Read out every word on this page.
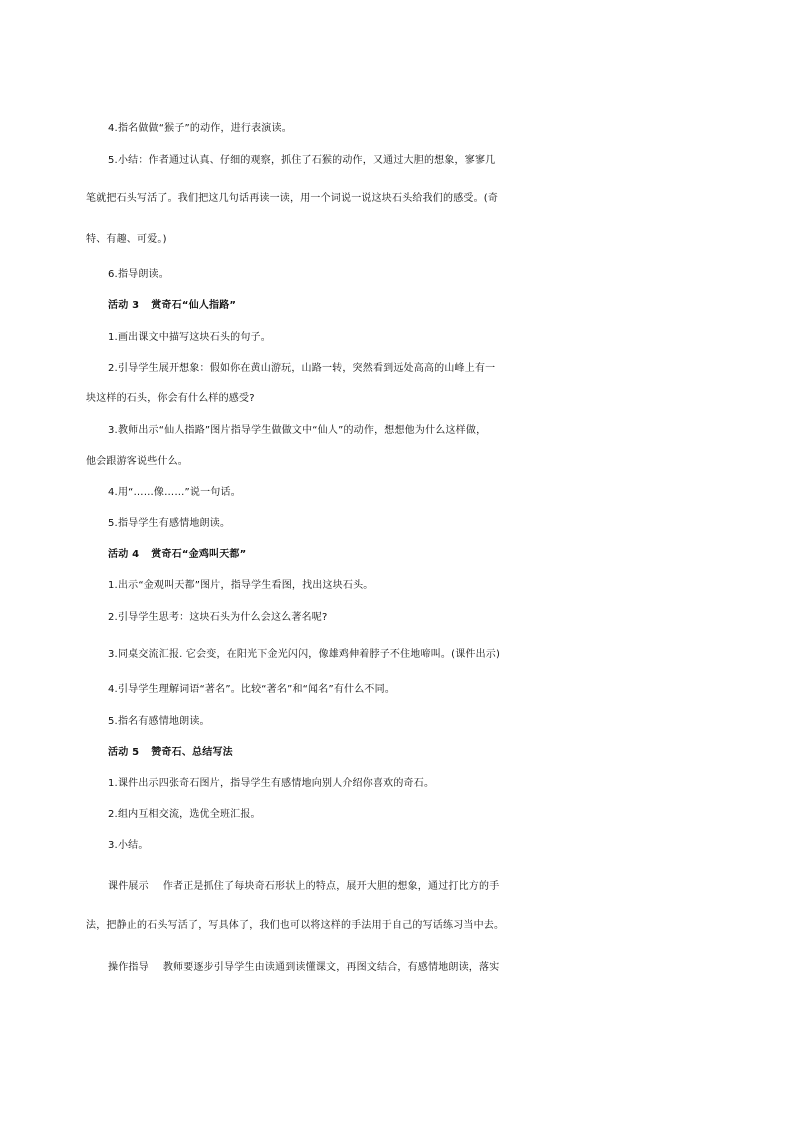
4.指名做做“猴子”的动作，进行表演读。
5.小结：作者通过认真、仔细的观察，抓住了石猴的动作，又通过大胆的想象，寥寥几
笔就把石头写活了。我们把这几句话再读一读，用一个词说一说这块石头给我们的感受。(奇
特、有趣、可爱。)
6.指导朗读。
活动 3 赏奇石“仙人指路”
1.画出课文中描写这块石头的句子。
2.引导学生展开想象：假如你在黄山游玩，山路一转，突然看到远处高高的山峰上有一
块这样的石头，你会有什么样的感受?
3.教师出示“仙人指路”图片指导学生做做文中“仙人”的动作，想想他为什么这样做，
他会跟游客说些什么。
4.用“……像……”说一句话。
5.指导学生有感情地朗读。
活动 4 赏奇石“金鸡叫天都”
1.出示“金观叫天都”图片，指导学生看图，找出这块石头。
2.引导学生思考：这块石头为什么会这么著名呢?
3.同桌交流汇报. 它会变，在阳光下金光闪闪，像雄鸡伸着脖子不住地啼叫。(课件出示)
4.引导学生理解词语“著名”。比较“著名”和“闻名”有什么不同。
5.指名有感情地朗读。
活动 5 赞奇石、总结写法
1.课件出示四张奇石图片，指导学生有感情地向别人介绍你喜欢的奇石。
2.组内互相交流，选优全班汇报。
3.小结。
课件展示 作者正是抓住了每块奇石形状上的特点，展开大胆的想象，通过打比方的手
法，把静止的石头写活了，写具体了，我们也可以将这样的手法用于自己的写话练习当中去。
操作指导 教师要逐步引导学生由读通到读懂课文，再图文结合，有感情地朗读，落实
